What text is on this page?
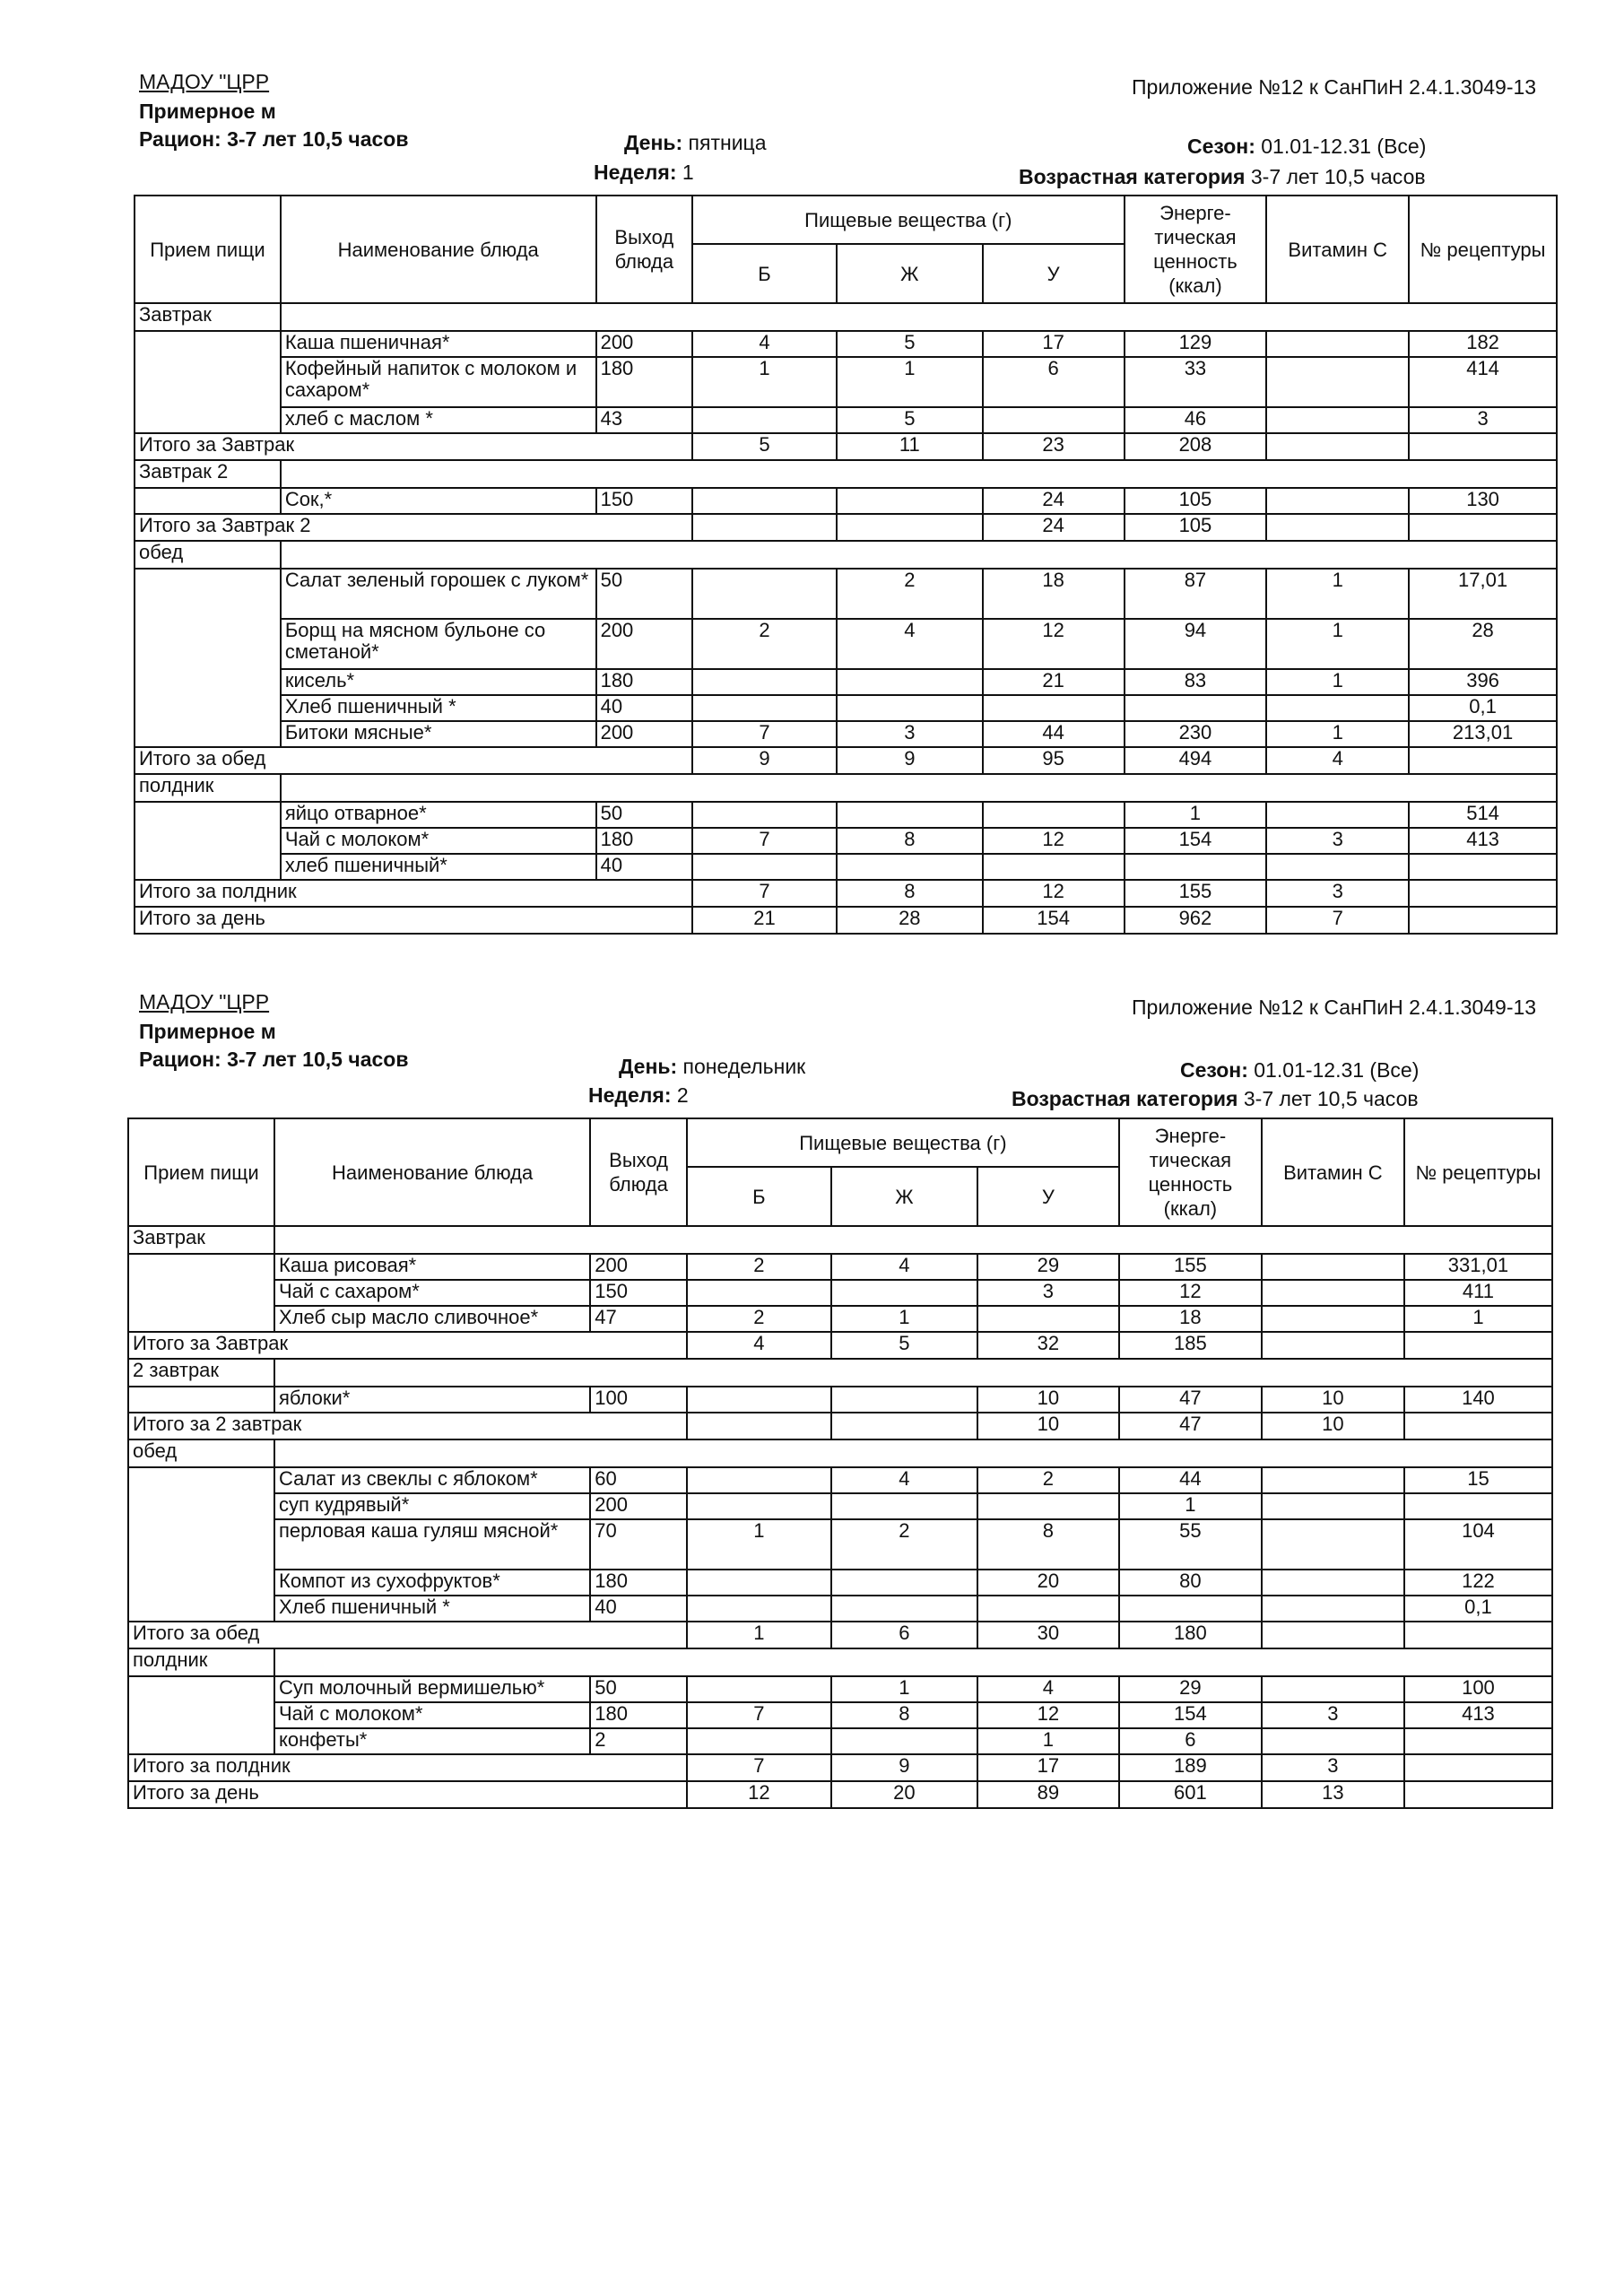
МАДОУ "ЦРР	Приложение №12 к СанПиН 2.4.1.3049-13
Примерное м
Рацион: 3-7 лет 10,5 часов	День: пятница
Неделя: 1
Сезон: 01.01-12.31 (Все)
Возрастная категория 3-7 лет 10,5 часов
Прием пищи	Наименование блюда	Выход блюда	Пищевые вещества (г)			Энерге-тическая ценность (ккал)	Витамин С	№ рецептуры
			Б	Ж	У			
Завтрак								
	Каша пшеничная*	200	4	5	17	129		182
	Кофейный напиток с молоком и сахаром*	180	1	1	6	33		414
	хлеб с маслом *	43		5		46		3
Итого за Завтрак			5	11	23	208		
Завтрак 2								
	Сок,*	150			24	105		130
Итого за Завтрак 2					24	105		
обед								
	Салат зеленый горошек с луком*	50		2	18	87	1	17,01
	Борщ на мясном бульоне со сметаной*	200	2	4	12	94	1	28
	кисель*	180			21	83	1	396
	Хлеб пшеничный *	40						0,1
	Битоки мясные*	200	7	3	44	230	1	213,01
Итого за обед			9	9	95	494	4	
полдник								
	яйцо отварное*	50				1		514
	Чай с молоком*	180	7	8	12	154	3	413
	хлеб пшеничный*	40						
Итого за полдник			7	8	12	155	3	
Итого за день			21	28	154	962	7	
МАДОУ "ЦРР	Приложение №12 к СанПиН 2.4.1.3049-13
Примерное м
Рацион: 3-7 лет 10,5 часов	День: понедельник
Неделя: 2
Сезон: 01.01-12.31 (Все)
Возрастная категория 3-7 лет 10,5 часов
Прием пищи	Наименование блюда	Выход блюда	Пищевые вещества (г)			Энерге-тическая ценность (ккал)	Витамин С	№ рецептуры
			Б	Ж	У			
Завтрак								
	Каша рисовая*	200	2	4	29	155		331,01
	Чай с сахаром*	150			3	12		411
	Хлеб сыр масло сливочное*	47	2	1		18		1
Итого за Завтрак			4	5	32	185		
2 завтрак								
	яблоки*	100			10	47	10	140
Итого за 2 завтрак					10	47	10	
обед								
	Салат из свеклы с яблоком*	60		4	2	44		15
	суп кудрявый*	200				1		
	перловая каша гуляш мясной*	70	1	2	8	55		104
	Компот из сухофруктов*	180			20	80		122
	Хлеб пшеничный *	40						0,1
Итого за обед			1	6	30	180		
полдник								
	Суп молочный вермишелью*	50		1	4	29		100
	Чай с молоком*	180	7	8	12	154	3	413
	конфеты*	2			1	6		
Итого за полдник			7	9	17	189	3	
Итого за день			12	20	89	601	13	
